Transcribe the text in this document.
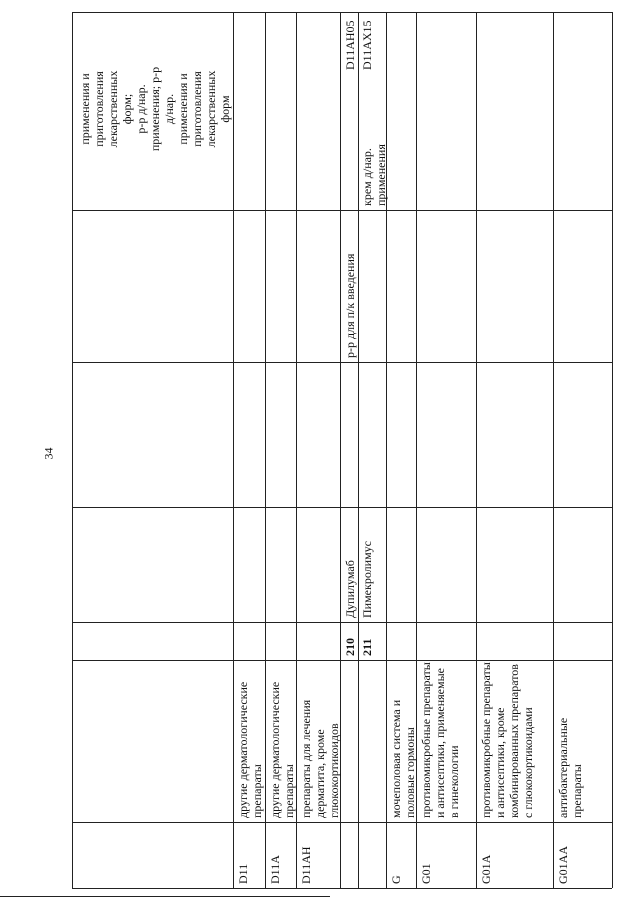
34
применения и приготовления лекарственных форм; р-р д/нар. применения; р-р д/нар. применения и приготовления лекарственных форм
D11
другие дерматологические препараты
D11A
другие дерматологические препараты
D11AH
препараты для лечения дерматита, кроме глюкокортикоидов
210
Дупилумаб
р-р для п/к введения
D11AH05
211
Пимекролимус
крем д/нар. применения
D11AX15
G
мочеполовая система и половые гормоны
G01
противомикробные препараты и антисептики, применяемые в гинекологии
G01A
противомикробные препараты и антисептики, кроме комбинированных препаратов с глюкокортикоидами
G01AA
антибактериальные препараты
